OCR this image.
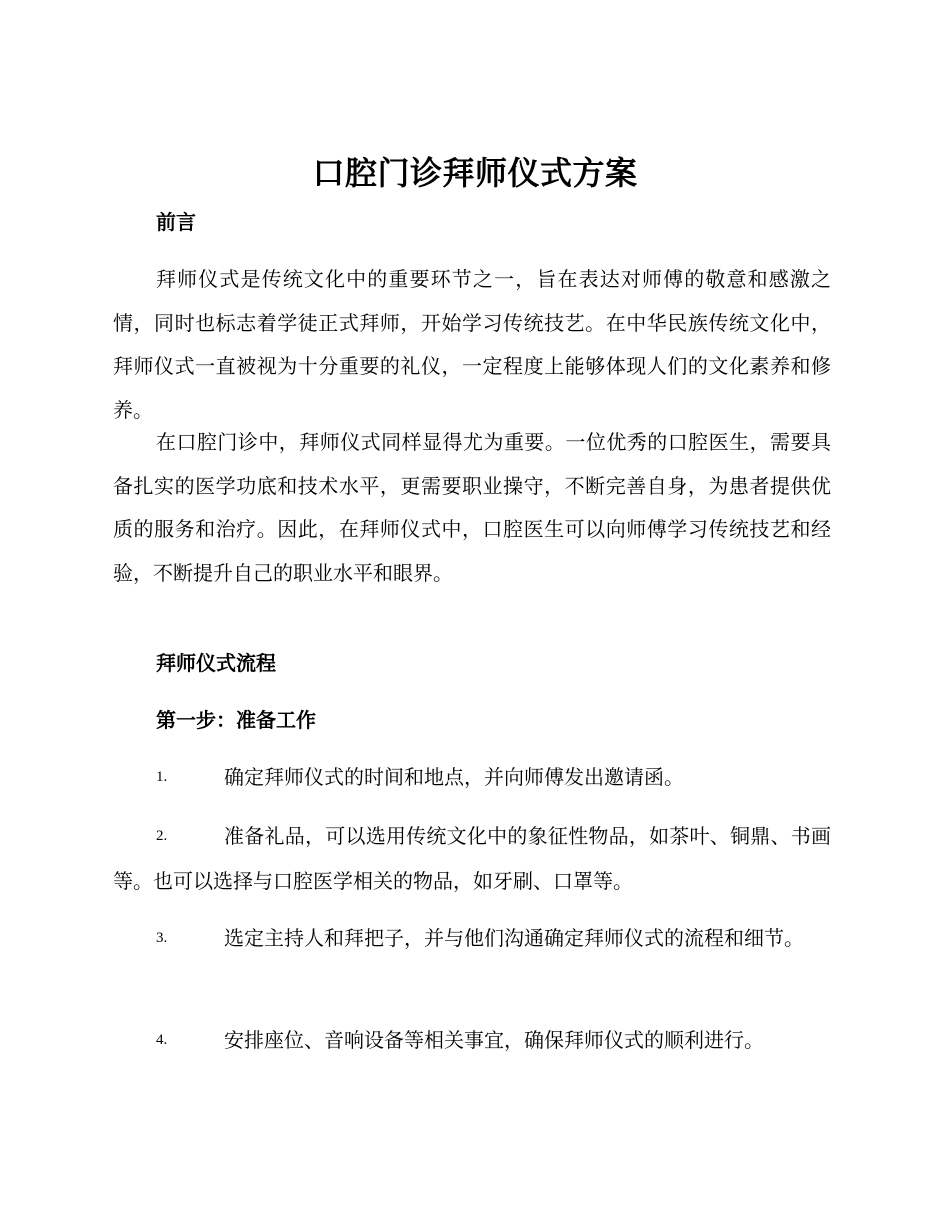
口腔门诊拜师仪式方案
前言

拜师仪式是传统文化中的重要环节之一，旨在表达对师傅的敬意和感激之情，同时也标志着学徒正式拜师，开始学习传统技艺。在中华民族传统文化中，拜师仪式一直被视为十分重要的礼仪，一定程度上能够体现人们的文化素养和修养。

在口腔门诊中，拜师仪式同样显得尤为重要。一位优秀的口腔医生，需要具备扎实的医学功底和技术水平，更需要职业操守，不断完善自身，为患者提供优质的服务和治疗。因此，在拜师仪式中，口腔医生可以向师傅学习传统技艺和经验，不断提升自己的职业水平和眼界。

拜师仪式流程
第一步：准备工作
1.	确定拜师仪式的时间和地点，并向师傅发出邀请函。
2.	准备礼品，可以选用传统文化中的象征性物品，如茶叶、铜鼎、书画等。也可以选择与口腔医学相关的物品，如牙刷、口罩等。
3.	选定主持人和拜把子，并与他们沟通确定拜师仪式的流程和细节。
4.	安排座位、音响设备等相关事宜，确保拜师仪式的顺利进行。
